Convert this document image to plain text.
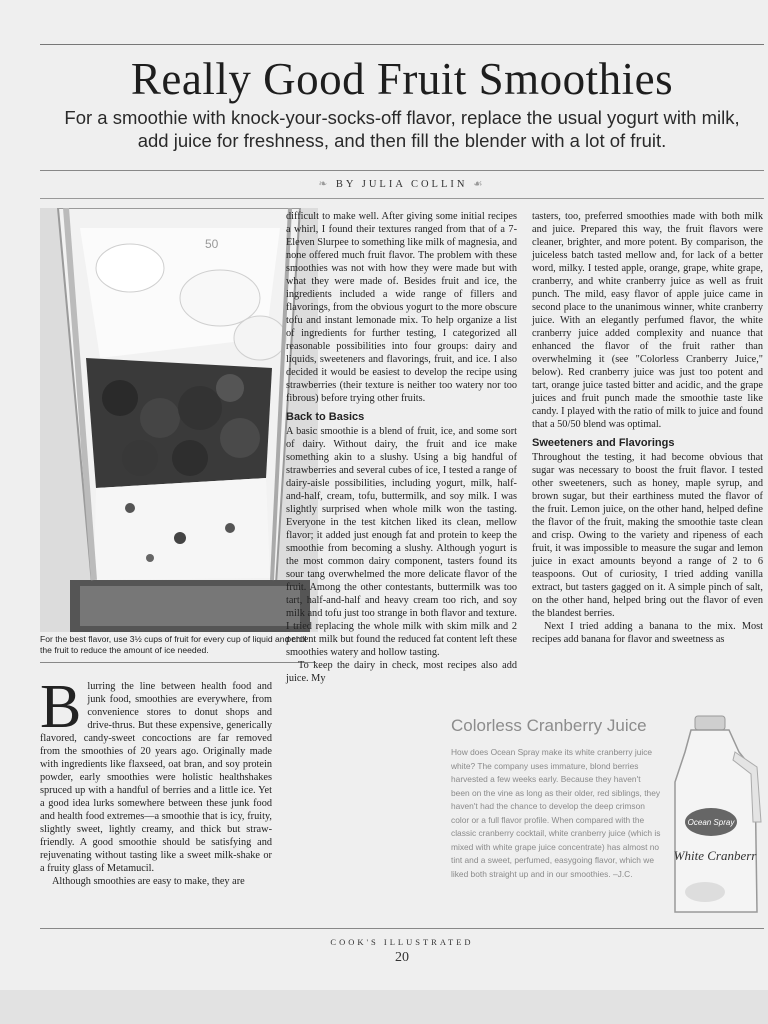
Really Good Fruit Smoothies
For a smoothie with knock-your-socks-off flavor, replace the usual yogurt with milk, add juice for freshness, and then fill the blender with a lot of fruit.
❧ BY JULIA COLLIN ☙
50
For the best flavor, use 3½ cups of fruit for every cup of liquid and chill the fruit to reduce the amount of ice needed.

Blurring the line between health food and junk food, smoothies are everywhere, from convenience stores to donut shops and drive-thrus. But these expensive, generically flavored, candy-sweet concoctions are far removed from the smoothies of 20 years ago. Originally made with ingredients like flaxseed, oat bran, and soy protein powder, early smoothies were holistic healthshakes spruced up with a handful of berries and a little ice. Yet a good idea lurks somewhere between these junk food and health food extremes—a smoothie that is icy, fruity, slightly sweet, lightly creamy, and thick but straw-friendly. A good smoothie should be satisfying and rejuvenating without tasting like a sweet milk-shake or a fruity glass of Metamucil.

Although smoothies are easy to make, they are

difficult to make well. After giving some initial recipes a whirl, I found their textures ranged from that of a 7-Eleven Slurpee to something like milk of magnesia, and none offered much fruit flavor. The problem with these smoothies was not with how they were made but with what they were made of. Besides fruit and ice, the ingredients included a wide range of fillers and flavorings, from the obvious yogurt to the more obscure tofu and instant lemonade mix. To help organize a list of ingredients for further testing, I categorized all reasonable possibilities into four groups: dairy and liquids, sweeteners and flavorings, fruit, and ice. I also decided it would be easiest to develop the recipe using strawberries (their texture is neither too watery nor too fibrous) before trying other fruits.

Back to Basics

A basic smoothie is a blend of fruit, ice, and some sort of dairy. Without dairy, the fruit and ice make something akin to a slushy. Using a big handful of strawberries and several cubes of ice, I tested a range of dairy-aisle possibilities, including yogurt, milk, half-and-half, cream, tofu, buttermilk, and soy milk. I was slightly surprised when whole milk won the tasting. Everyone in the test kitchen liked its clean, mellow flavor; it added just enough fat and protein to keep the smoothie from becoming a slushy. Although yogurt is the most common dairy component, tasters found its sour tang overwhelmed the more delicate flavor of the fruit. Among the other contestants, buttermilk was too tart, half-and-half and heavy cream too rich, and soy milk and tofu just too strange in both flavor and texture. I tried replacing the whole milk with skim milk and 2 percent milk but found the reduced fat content left these smoothies watery and hollow tasting.

To keep the dairy in check, most recipes also add juice. My

tasters, too, preferred smoothies made with both milk and juice. Prepared this way, the fruit flavors were cleaner, brighter, and more potent. By comparison, the juiceless batch tasted mellow and, for lack of a better word, milky. I tested apple, orange, grape, white grape, cranberry, and white cranberry juice as well as fruit punch. The mild, easy flavor of apple juice came in second place to the unanimous winner, white cranberry juice. With an elegantly perfumed flavor, the white cranberry juice added complexity and nuance that enhanced the flavor of the fruit rather than overwhelming it (see "Colorless Cranberry Juice," below). Red cranberry juice was just too potent and tart, orange juice tasted bitter and acidic, and the grape juices and fruit punch made the smoothie taste like candy. I played with the ratio of milk to juice and found that a 50/50 blend was optimal.

Sweeteners and Flavorings

Throughout the testing, it had become obvious that sugar was necessary to boost the fruit flavor. I tested other sweeteners, such as honey, maple syrup, and brown sugar, but their earthiness muted the flavor of the fruit. Lemon juice, on the other hand, helped define the flavor of the fruit, making the smoothie taste clean and crisp. Owing to the variety and ripeness of each fruit, it was impossible to measure the sugar and lemon juice in exact amounts beyond a range of 2 to 6 teaspoons. Out of curiosity, I tried adding vanilla extract, but tasters gagged on it. A simple pinch of salt, on the other hand, helped bring out the flavor of even the blandest berries.

Next I tried adding a banana to the mix. Most recipes add banana for flavor and sweetness as

Colorless Cranberry Juice
How does Ocean Spray make its white cranberry juice white? The company uses immature, blond berries harvested a few weeks early. Because they haven't been on the vine as long as their older, red siblings, they haven't had the chance to develop the deep crimson color or a full flavor profile. When compared with the classic cranberry cocktail, white cranberry juice (which is mixed with white grape juice concentrate) has almost no tint and a sweet, perfumed, easygoing flavor, which we liked both straight up and in our smoothies. –J.C.
Ocean Spray
White Cranberr
COOK'S ILLUSTRATED
20
